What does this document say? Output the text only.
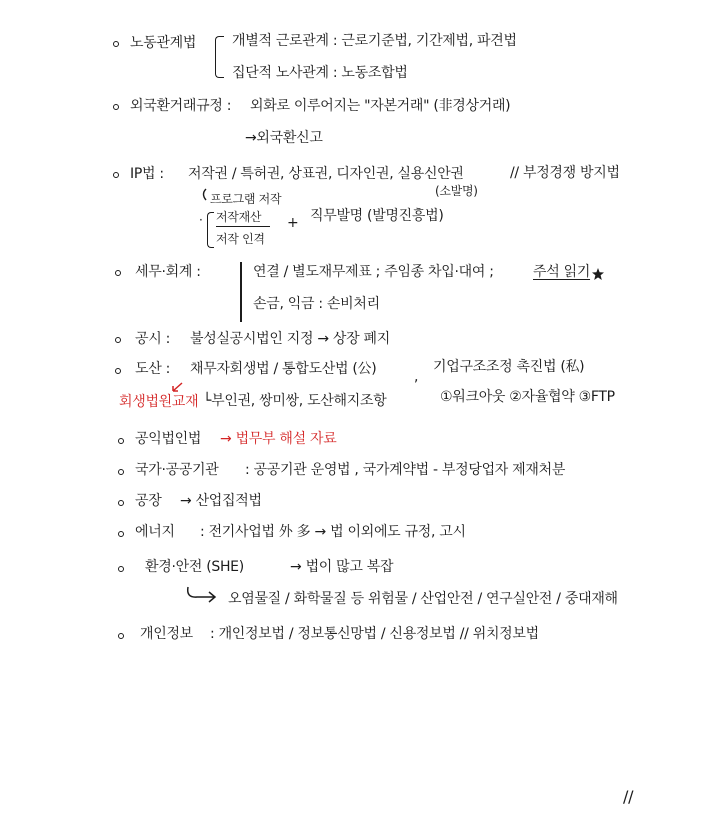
노동관계법	개별적 근로관계 : 근로기준법, 기간제법, 파견법
집단적 노사관계 : 노동조합법
외국환거래규정 : 외화로 이루어지는 "자본거래" (非경상거래)
→외국환신고
IP법 : 저작권 / 특허권, 상표권, 디자인권, 실용신안권	// 부정경쟁 방지법
(소발명)
프로그램 저작
· 저작재산
저작 인격
+ 직무발명 (발명진흥법)
세무·회계 :	연결 / 별도재무제표 ; 주임종 차입·대여 ;	주석 읽기
손금, 익금 : 손비처리
공시 : 불성실공시법인 지정 → 상장 폐지
도산 : 채무자회생법 / 통합도산법 (公)	,
기업구조조정 촉진법 (私)
회생법원교재 └부인권, 쌍미쌍, 도산해지조항	①워크아웃 ②자율협약 ③FTP
공익법인법 → 법무부 해설 자료
국가·공공기관 : 공공기관 운영법 , 국가계약법 - 부정당업자 제재처분
공장 → 산업집적법
에너지 : 전기사업법 外 多 → 법 이외에도 규정, 고시
환경·안전 (SHE)	→ 법이 많고 복잡
오염물질 / 화학물질 등 위험물 / 산업안전 / 연구실안전 / 중대재해
개인정보 : 개인정보법 / 정보통신망법 / 신용정보법 // 위치정보법
//
